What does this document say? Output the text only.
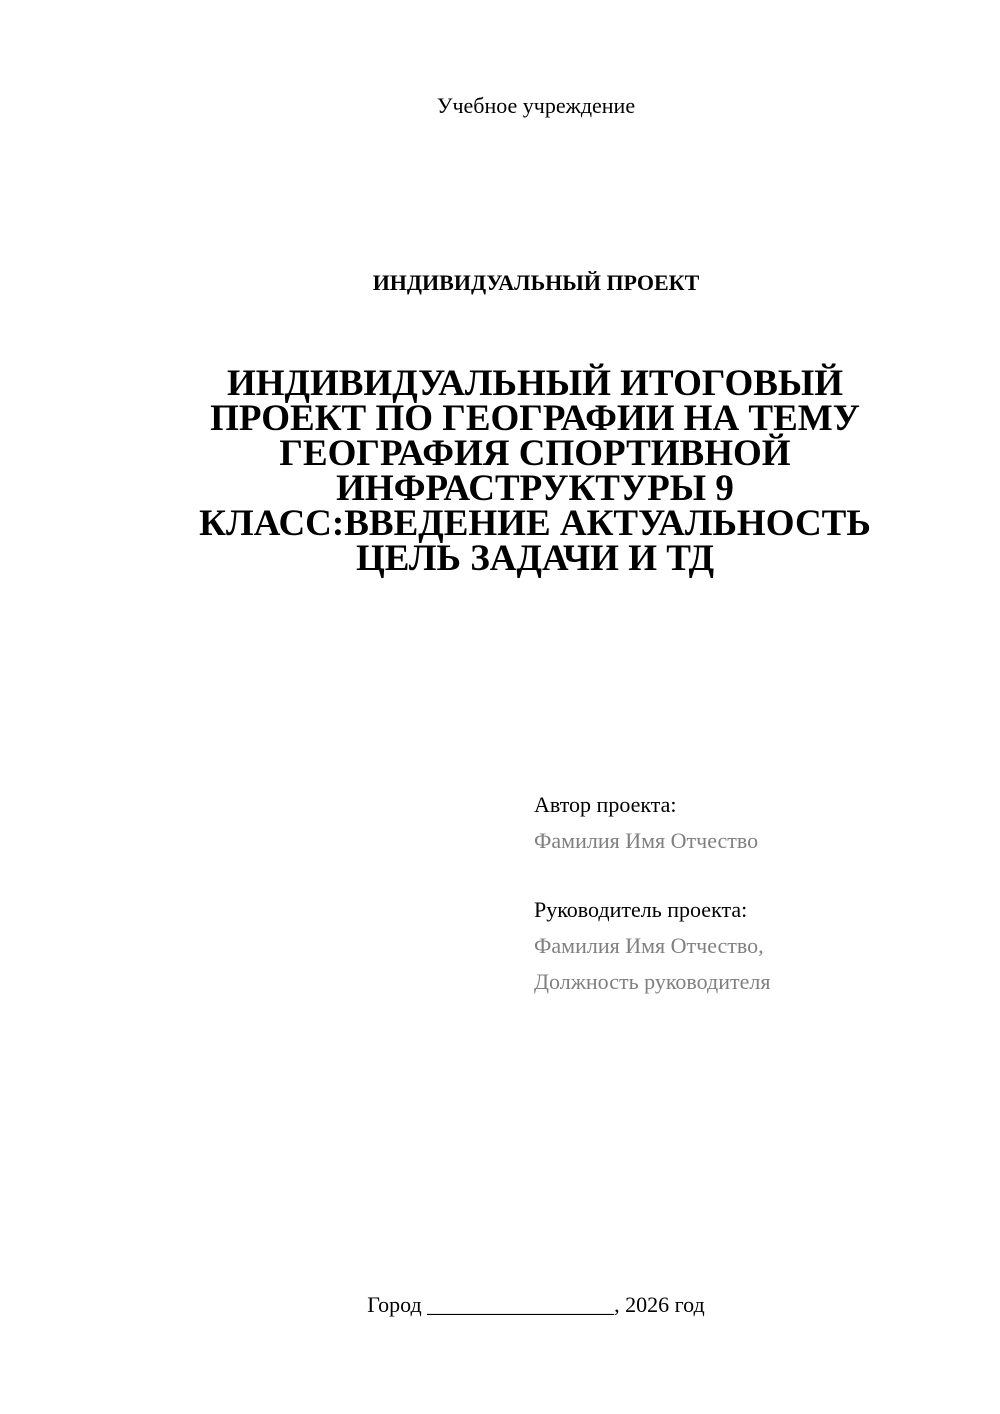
Учебное учреждение
ИНДИВИДУАЛЬНЫЙ ПРОЕКТ
ИНДИВИДУАЛЬНЫЙ ИТОГОВЫЙ
ПРОЕКТ ПО ГЕОГРАФИИ НА ТЕМУ
ГЕОГРАФИЯ СПОРТИВНОЙ
ИНФРАСТРУКТУРЫ 9
КЛАСС:ВВЕДЕНИЕ АКТУАЛЬНОСТЬ
ЦЕЛЬ ЗАДАЧИ И ТД
Автор проекта:
Фамилия Имя Отчество
Руководитель проекта:
Фамилия Имя Отчество,
Должность руководителя
Город _________________, 2026 год
